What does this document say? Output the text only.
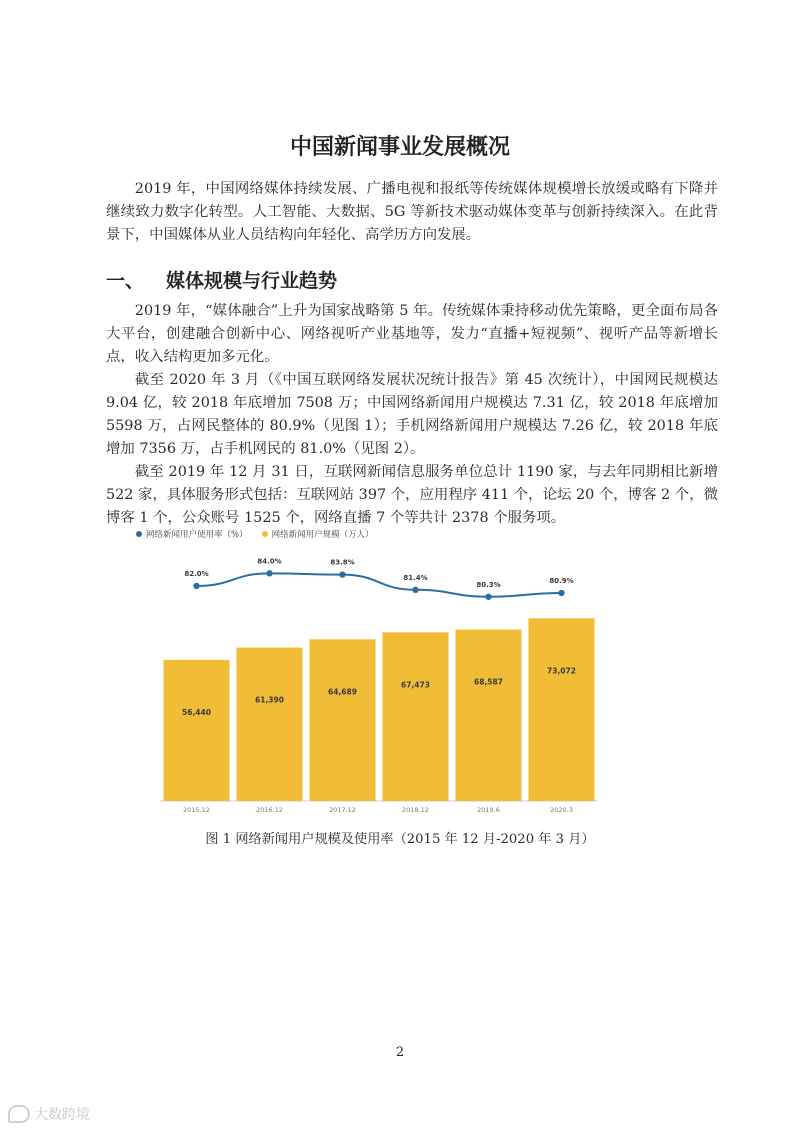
中国新闻事业发展概况

2019 年，中国网络媒体持续发展、广播电视和报纸等传统媒体规模增长放缓或略有下降并继续致力数字化转型。人工智能、大数据、5G 等新技术驱动媒体变革与创新持续深入。在此背景下，中国媒体从业人员结构向年轻化、高学历方向发展。

一、 媒体规模与行业趋势

2019 年，“媒体融合”上升为国家战略第 5 年。传统媒体秉持移动优先策略，更全面布局各大平台，创建融合创新中心、网络视听产业基地等，发力“直播+短视频”、视听产品等新增长点，收入结构更加多元化。

截至 2020 年 3 月（《中国互联网络发展状况统计报告》第 45 次统计），中国网民规模达 9.04 亿，较 2018 年底增加 7508 万；中国网络新闻用户规模达 7.31 亿，较 2018 年底增加 5598 万，占网民整体的 80.9%（见图 1）；手机网络新闻用户规模达 7.26 亿，较 2018 年底增加 7356 万，占手机网民的 81.0%（见图 2）。

截至 2019 年 12 月 31 日，互联网新闻信息服务单位总计 1190 家，与去年同期相比新增 522 家，具体服务形式包括：互联网站 397 个，应用程序 411 个，论坛 20 个，博客 2 个，微博客 1 个，公众账号 1525 个，网络直播 7 个等共计 2378 个服务项。

网络新闻用户使用率（%）	网络新闻用户规模（万人）
56,440
2015.12
61,390
2016.12
64,689
2017.12
67,473
2018.12
68,587
2019.6
73,072
2020.3
82.0%
84.0%	83.8%
81.4%
80.3%	80.9%
图 1 网络新闻用户规模及使用率（2015 年 12 月-2020 年 3 月）
2
大数跨境
